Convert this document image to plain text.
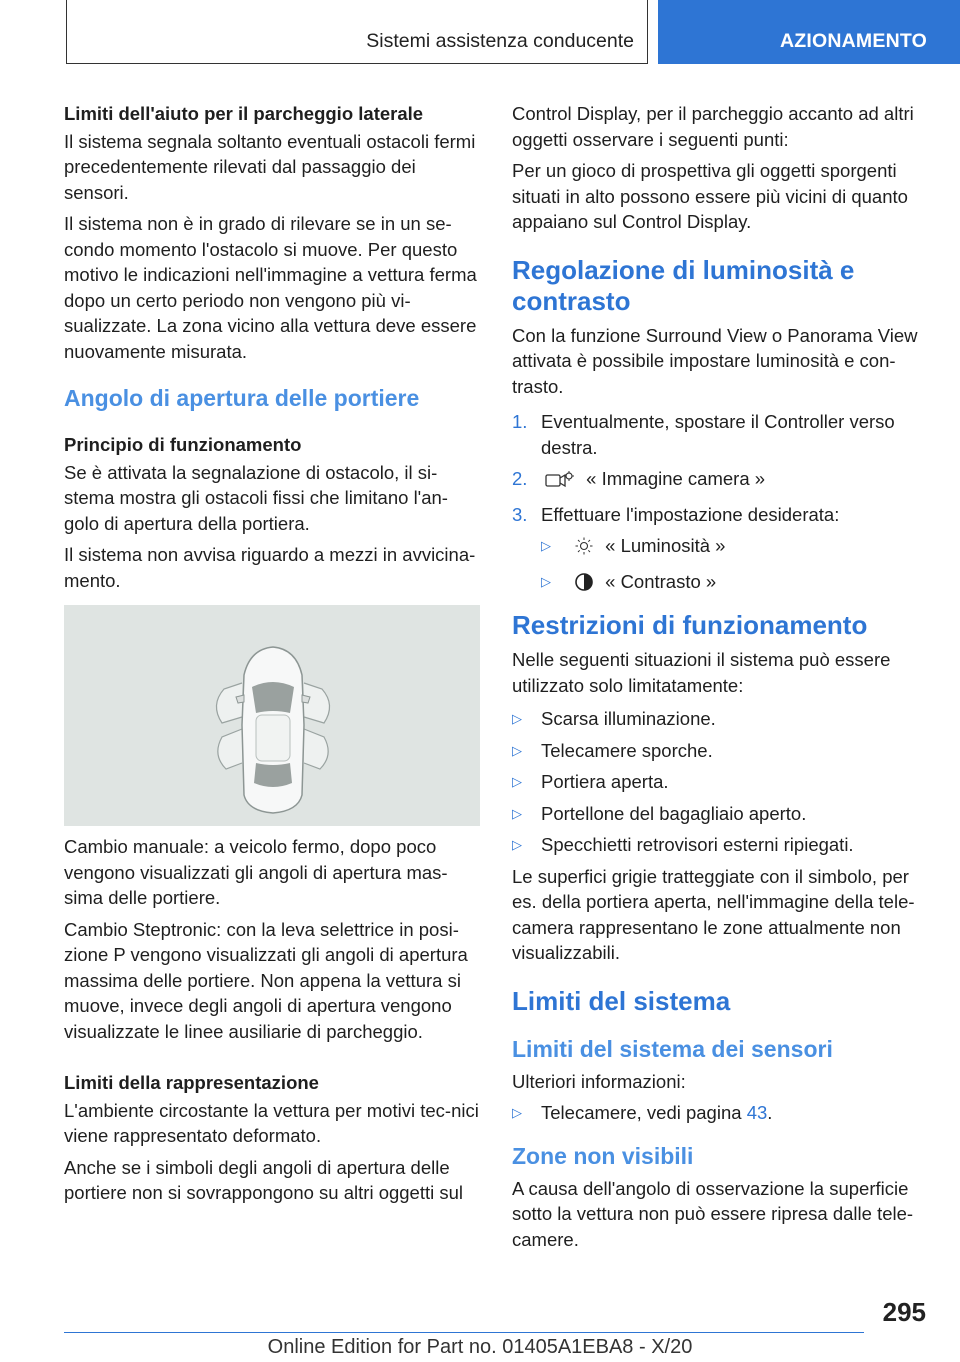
Sistemi assistenza conducente	AZIONAMENTO
Limiti dell'aiuto per il parcheggio laterale

Il sistema segnala soltanto eventuali ostacoli fermi precedentemente rilevati dal passaggio dei sensori.

Il sistema non è in grado di rilevare se in un se-condo momento l'ostacolo si muove. Per questo motivo le indicazioni nell'immagine a vettura ferma dopo un certo periodo non vengono più vi-sualizzate. La zona vicino alla vettura deve essere nuovamente misurata.

Angolo di apertura delle portiere
Principio di funzionamento

Se è attivata la segnalazione di ostacolo, il si-stema mostra gli ostacoli fissi che limitano l'an-golo di apertura della portiera.

Il sistema non avvisa riguardo a mezzi in avvicina-mento.

Cambio manuale: a veicolo fermo, dopo poco vengono visualizzati gli angoli di apertura mas-sima delle portiere.

Cambio Steptronic: con la leva selettrice in posi-zione P vengono visualizzati gli angoli di apertura massima delle portiere. Non appena la vettura si muove, invece degli angoli di apertura vengono visualizzate le linee ausiliarie di parcheggio.

Limiti della rappresentazione

L'ambiente circostante la vettura per motivi tec-nici viene rappresentato deformato.

Anche se i simboli degli angoli di apertura delle portiere non si sovrappongono su altri oggetti sul

Control Display, per il parcheggio accanto ad altri oggetti osservare i seguenti punti:

Per un gioco di prospettiva gli oggetti sporgenti situati in alto possono essere più vicini di quanto appaiano sul Control Display.

Regolazione di luminosità e contrasto

Con la funzione Surround View o Panorama View attivata è possibile impostare luminosità e con-trasto.

1. Eventualmente, spostare il Controller verso destra.
2.	« Immagine camera »
3. Effettuare l'impostazione desiderata:
▷	« Luminosità »
▷	« Contrasto »
Restrizioni di funzionamento

Nelle seguenti situazioni il sistema può essere utilizzato solo limitatamente:

▷ Scarsa illuminazione.
▷ Telecamere sporche.
▷ Portiera aperta.
▷ Portellone del bagagliaio aperto.
▷ Specchietti retrovisori esterni ripiegati.

Le superfici grigie tratteggiate con il simbolo, per es. della portiera aperta, nell'immagine della tele-camera rappresentano le zone attualmente non visualizzabili.

Limiti del sistema
Limiti del sistema dei sensori

Ulteriori informazioni:

▷ Telecamere, vedi pagina 43.
Zone non visibili

A causa dell'angolo di osservazione la superficie sotto la vettura non può essere ripresa dalle tele-camere.

295
Online Edition for Part no. 01405A1EBA8 - X/20
